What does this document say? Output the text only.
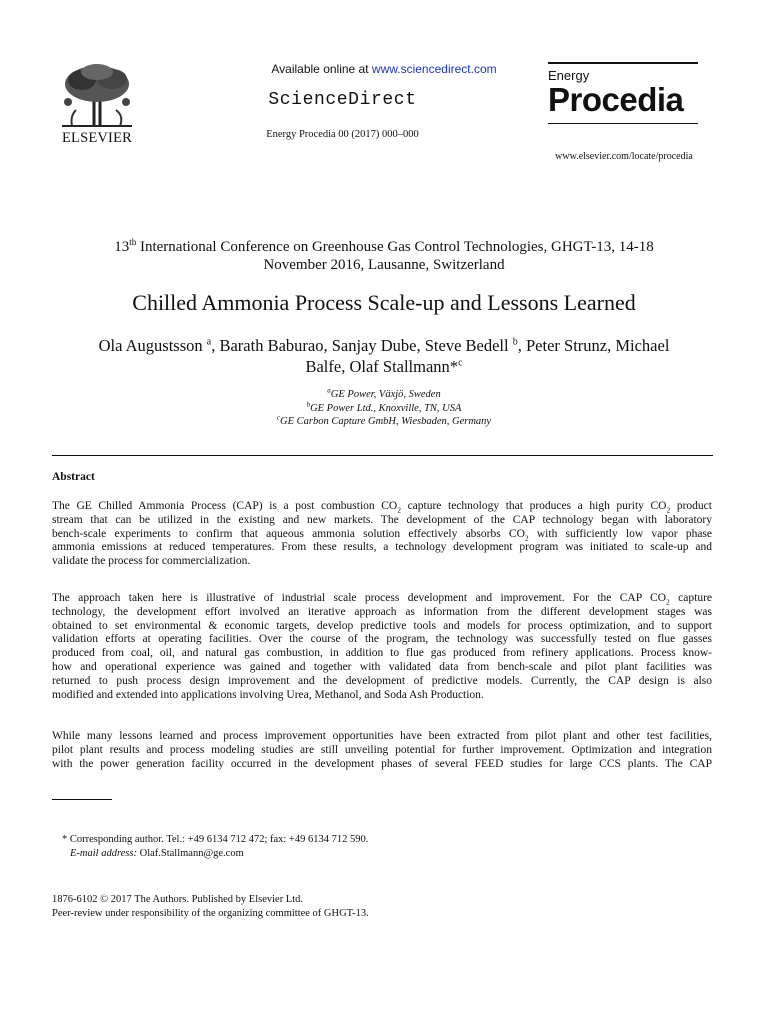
ELSEVIER
Available online at www.sciencedirect.com
ScienceDirect
Energy Procedia 00 (2017) 000–000
Energy
Procedia
www.elsevier.com/locate/procedia
13th International Conference on Greenhouse Gas Control Technologies, GHGT-13, 14-18
November 2016, Lausanne, Switzerland
Chilled Ammonia Process Scale-up and Lessons Learned
Ola Augustsson $^a$, Barath Baburao, Sanjay Dube, Steve Bedell $^b$, Peter Strunz, Michael
Balfe, Olaf Stallmann*$^c$
$^a$GE Power, Växjö, Sweden
$^b$GE Power Ltd., Knoxville, TN, USA
$^c$GE Carbon Capture GmbH, Wiesbaden, Germany
Abstract
The GE Chilled Ammonia Process (CAP) is a post combustion $CO_2$ capture technology that produces a high purity $CO_2$ product
stream that can be utilized in the existing and new markets. The development of the CAP technology began with laboratory
bench-scale experiments to confirm that aqueous ammonia solution effectively absorbs $CO_2$ with sufficiently low vapor phase
ammonia emissions at reduced temperatures. From these results, a technology development program was initiated to scale-up and
validate the process for commercialization.
The approach taken here is illustrative of industrial scale process development and improvement. For the CAP $CO_2$ capture
technology, the development effort involved an iterative approach as information from the different development stages was
obtained to set environmental & economic targets, develop predictive tools and models for process optimization, and to support
validation efforts at operating facilities. Over the course of the program, the technology was successfully tested on flue gasses
produced from coal, oil, and natural gas combustion, in addition to flue gas produced from refinery applications. Process know-
how and operational experience was gained and together with validated data from bench-scale and pilot plant facilities was
returned to push process design improvement and the development of predictive models. Currently, the CAP design is also
modified and extended into applications involving Urea, Methanol, and Soda Ash Production.
While many lessons learned and process improvement opportunities have been extracted from pilot plant and other test facilities,
pilot plant results and process modeling studies are still unveiling potential for further improvement. Optimization and integration
with the power generation facility occurred in the development phases of several FEED studies for large CCS plants. The CAP
* Corresponding author. Tel.: +49 6134 712 472; fax: +49 6134 712 590.
E-mail address: Olaf.Stallmann@ge.com
1876-6102 © 2017 The Authors. Published by Elsevier Ltd.
Peer-review under responsibility of the organizing committee of GHGT-13.
